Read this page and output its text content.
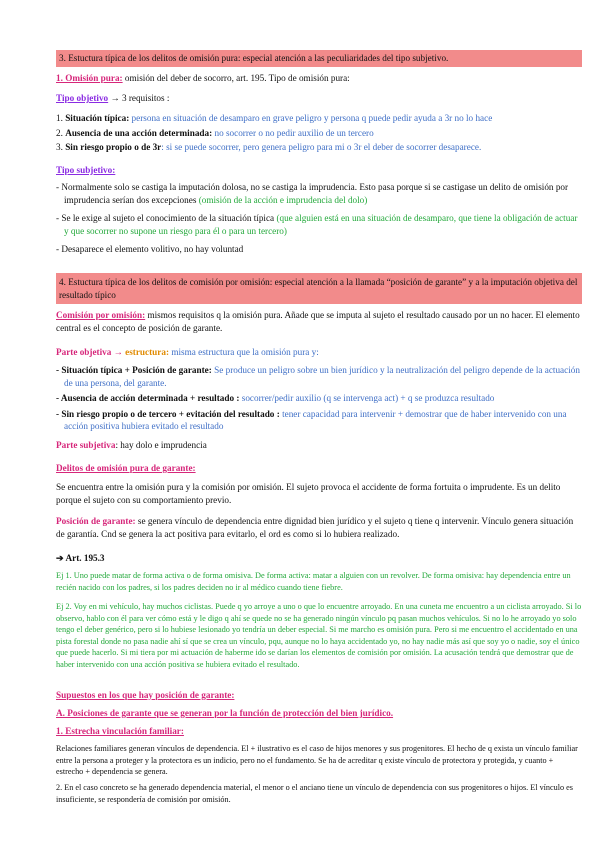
3. Estuctura típica de los delitos de omisión pura: especial atención a las peculiaridades del tipo subjetivo.

1. Omisión pura: omisión del deber de socorro, art. 195. Tipo de omisión pura:

Tipo objetivo → 3 requisitos :

1. Situación típica: persona en situación de desamparo en grave peligro y persona q puede pedir ayuda a 3r no lo hace

2. Ausencia de una acción determinada: no socorrer o no pedir auxilio de un tercero

3. Sin riesgo propio o de 3r: si se puede socorrer, pero genera peligro para mi o 3r el deber de socorrer desaparece.

Tipo subjetivo:

- Normalmente solo se castiga la imputación dolosa, no se castiga la imprudencia. Esto pasa porque si se castigase un delito de omisión por imprudencia serían dos excepciones (omisión de la acción e imprudencia del dolo)

- Se le exige al sujeto el conocimiento de la situación típica (que alguien está en una situación de desamparo, que tiene la obligación de actuar y que socorrer no supone un riesgo para él o para un tercero)

- Desaparece el elemento volitivo, no hay voluntad

4. Estuctura típica de los delitos de comisión por omisión: especial atención a la llamada “posición de garante” y a la imputación objetiva del resultado típico

Comisión por omisión: mismos requisitos q la omisión pura. Añade que se imputa al sujeto el resultado causado por un no hacer. El elemento central es el concepto de posición de garante.

Parte objetiva → estructura: misma estructura que la omisión pura y:

- Situación típica + Posición de garante: Se produce un peligro sobre un bien jurídico y la neutralización del peligro depende de la actuación de una persona, del garante.

- Ausencia de acción determinada + resultado : socorrer/pedir auxilio (q se intervenga act) + q se produzca resultado

- Sin riesgo propio o de tercero + evitación del resultado : tener capacidad para intervenir + demostrar que de haber intervenido con una acción positiva hubiera evitado el resultado

Parte subjetiva: hay dolo e imprudencia

Delitos de omisión pura de garante:

Se encuentra entre la omisión pura y la comisión por omisión. El sujeto provoca el accidente de forma fortuita o imprudente. Es un delito porque el sujeto con su comportamiento previo.

Posición de garante: se genera vínculo de dependencia entre dignidad bien jurídico y el sujeto q tiene q intervenir. Vínculo genera situación de garantía. Cnd se genera la act positiva para evitarlo, el ord es como si lo hubiera realizado.

➔ Art. 195.3

Ej 1. Uno puede matar de forma activa o de forma omisiva. De forma activa: matar a alguien con un revolver. De forma omisiva: hay dependencia entre un recién nacido con los padres, si los padres deciden no ir al médico cuando tiene fiebre.

Ej 2. Voy en mi vehículo, hay muchos ciclistas. Puede q yo arroye a uno o que lo encuentre arroyado. En una cuneta me encuentro a un ciclista arroyado. Si lo observo, hablo con él para ver cómo está y le digo q ahí se quede no se ha generado ningún vínculo pq pasan muchos vehículos. Si no lo he arroyado yo solo tengo el deber genérico, pero si lo hubiese lesionado yo tendría un deber especial. Si me marcho es omisión pura. Pero si me encuentro el accidentado en una pista forestal donde no pasa nadie ahí sí que se crea un vínculo, pqu, aunque no lo haya accidentado yo, no hay nadie más así que soy yo o nadie, soy el único que puede hacerlo. Si mi tiera por mi actuación de haberme ido se darían los elementos de comisión por omisión. La acusación tendrá que demostrar que de haber intervenido con una acción positiva se hubiera evitado el resultado.

Supuestos en los que hay posición de garante:

A. Posiciones de garante que se generan por la función de protección del bien jurídico.

1. Estrecha vinculación familiar:

Relaciones familiares generan vínculos de dependencia. El + ilustrativo es el caso de hijos menores y sus progenitores. El hecho de q exista un vínculo familiar entre la persona a proteger y la protectora es un indicio, pero no el fundamento. Se ha de acreditar q existe vínculo de protectora y protegida, y cuanto + estrecho + dependencia se genera.

2. En el caso concreto se ha generado dependencia material, el menor o el anciano tiene un vínculo de dependencia con sus progenitores o hijos. El vínculo es insuficiente, se respondería de comisión por omisión.
